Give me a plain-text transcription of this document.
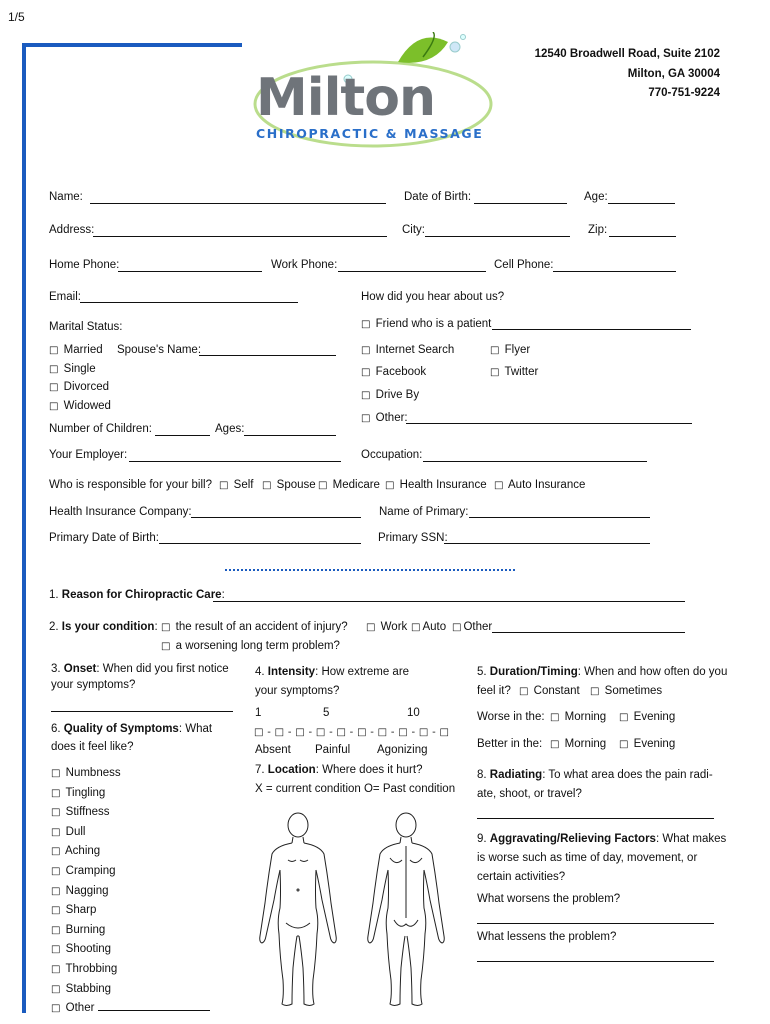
1/5
Milton
CHIROPRACTIC & MASSAGE
12540 Broadwell Road, Suite 2102
Milton, GA 30004
770-751-9224
Name:	Date of Birth:	Age:
Address:	City:	Zip:
Home Phone:	Work Phone:	Cell Phone:
Email:	How did you hear about us?
Marital Status:	□ Friend who is a patient
□ Married Spouse's Name:	□ Internet Search	□ Flyer
□ Single	□ Facebook	□ Twitter
□ Divorced
□ Drive By
□ Widowed
□ Other:
Number of Children:	Ages:
Your Employer:	Occupation:
Who is responsible for your bill? □ Self □ Spouse □ Medicare □ Health Insurance □ Auto Insurance
Health Insurance Company:	Name of Primary:
Primary Date of Birth:	Primary SSN:
1. Reason for Chiropractic Care:
2. Is your condition: □ the result of an accident of injury? □ Work □ Auto □ Other
□ a worsening long term problem?
3. Onset: When did you first notice your symptoms?
6. Quality of Symptoms: What
does it feel like?
□ Numbness
□ Tingling
□ Stiffness
□ Dull
□ Aching
□ Cramping
□ Nagging
□ Sharp
□ Burning
□ Shooting
□ Throbbing
□ Stabbing
□ Other
4. Intensity: How extreme are
your symptoms?
1	5	10
□ - □ - □ - □ - □ - □ - □ - □ - □ - □
Absent Painful Agonizing
7. Location: Where does it hurt?
X = current condition O= Past condition
5. Duration/Timing: When and how often do you
feel it? □ Constant □ Sometimes
Worse in the: □ Morning □ Evening
Better in the: □ Morning □ Evening
8. Radiating: To what area does the pain radi-
ate, shoot, or travel?
9. Aggravating/Relieving Factors: What makes
is worse such as time of day, movement, or
certain activities?
What worsens the problem?
What lessens the problem?
